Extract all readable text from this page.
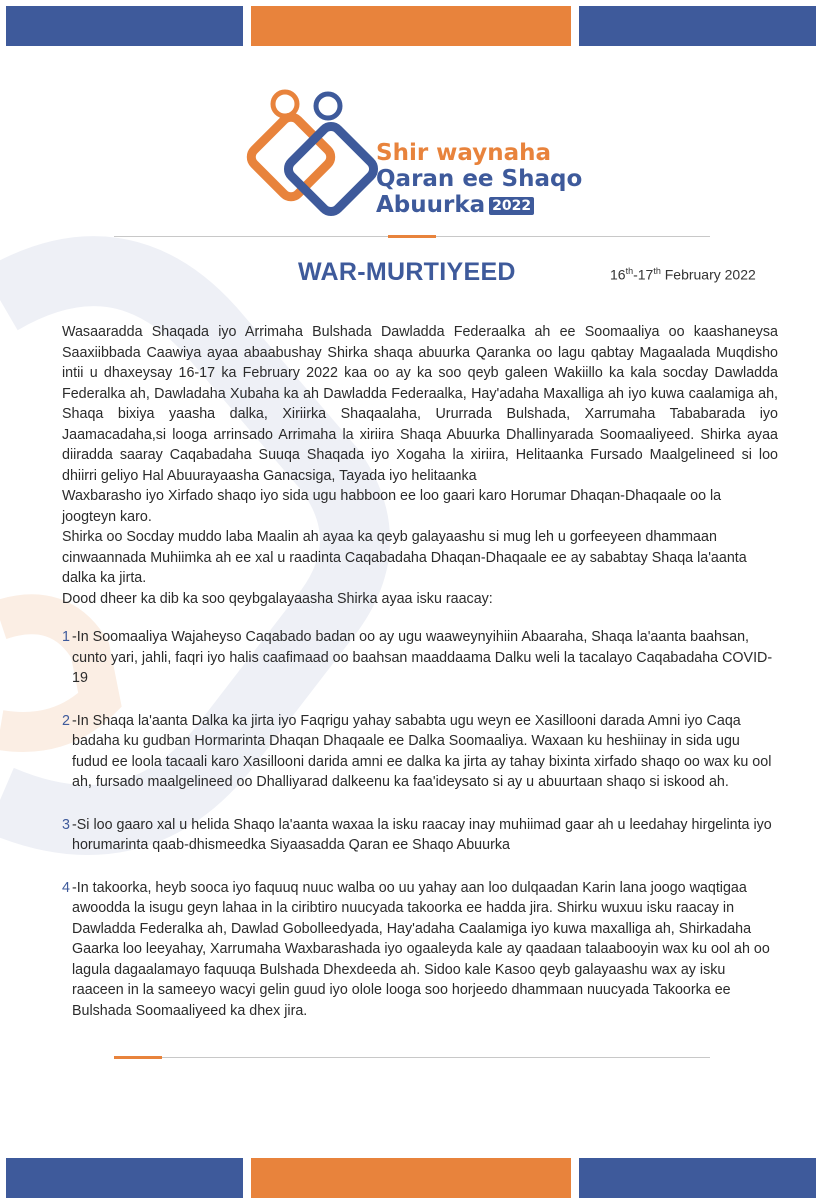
Shir waynaha
Qaran ee Shaqo
Abuurka 2022
WAR-MURTIYEED	16th-17th February 2022

Wasaaradda Shaqada iyo Arrimaha Bulshada Dawladda Federaalka ah ee Soomaaliya oo kaashaneysa Saaxiibbada Caawiya ayaa abaabushay Shirka shaqa abuurka Qaranka oo lagu qabtay Magaalada Muqdisho intii u dhaxeysay 16-17 ka February 2022 kaa oo ay ka soo qeyb galeen Wakiillo ka kala socday Dawladda Federalka ah, Dawladaha Xubaha ka ah Dawladda Federaalka, Hay'adaha Maxalliga ah iyo kuwa caalamiga ah, Shaqa bixiya yaasha dalka, Xiriirka Shaqaalaha, Ururrada Bulshada, Xarrumaha Tababarada iyo Jaamacadaha,si looga arrinsado Arrimaha la xiriira Shaqa Abuurka Dhallinyarada Soomaaliyeed. Shirka ayaa diiradda saaray Caqabadaha Suuqa Shaqada iyo Xogaha la xiriira, Helitaanka Fursado Maalgelineed si loo dhiirri geliyo Hal Abuurayaasha Ganacsiga, Tayada iyo helitaanka

Waxbarasho iyo Xirfado shaqo iyo sida ugu habboon ee loo gaari karo Horumar Dhaqan-Dhaqaale oo la joogteyn karo.

Shirka oo Socday muddo laba Maalin ah ayaa ka qeyb galayaashu si mug leh u gorfeeyeen dhammaan cinwaannada Muhiimka ah ee xal u raadinta Caqabadaha Dhaqan-Dhaqaale ee ay sababtay Shaqa la'aanta dalka ka jirta.

Dood dheer ka dib ka soo qeybgalayaasha Shirka ayaa isku raacay:

1 -In Soomaaliya Wajaheyso Caqabado badan oo ay ugu waaweynyihiin Abaaraha, Shaqa la'aanta baahsan, cunto yari, jahli, faqri iyo halis caafimaad oo baahsan maaddaama Dalku weli la tacalayo Caqabadaha COVID-19
2 -In Shaqa la'aanta Dalka ka jirta iyo Faqrigu yahay sababta ugu weyn ee Xasillooni darada Amni iyo Caqa badaha ku gudban Hormarinta Dhaqan Dhaqaale ee Dalka Soomaaliya. Waxaan ku heshiinay in sida ugu fudud ee loola tacaali karo Xasillooni darida amni ee dalka ka jirta ay tahay bixinta xirfado shaqo oo wax ku ool ah, fursado maalgelineed oo Dhalliyarad dalkeenu ka faa'ideysato si ay u abuurtaan shaqo si iskood ah.
3 -Si loo gaaro xal u helida Shaqo la'aanta waxaa la isku raacay inay muhiimad gaar ah u leedahay hirgelinta iyo horumarinta qaab-dhismeedka Siyaasadda Qaran ee Shaqo Abuurka
4 -In takoorka, heyb sooca iyo faquuq nuuc walba oo uu yahay aan loo dulqaadan Karin lana joogo waqtigaa awoodda la isugu geyn lahaa in la ciribtiro nuucyada takoorka ee hadda jira. Shirku wuxuu isku raacay in Dawladda Federalka ah, Dawlad Gobolleedyada, Hay'adaha Caalamiga iyo kuwa maxalliga ah, Shirkadaha Gaarka loo leeyahay, Xarrumaha Waxbarashada iyo ogaaleyda kale ay qaadaan talaabooyin wax ku ool ah oo lagula dagaalamayo faquuqa Bulshada Dhexdeeda ah. Sidoo kale Kasoo qeyb galayaashu wax ay isku raaceen in la sameeyo wacyi gelin guud iyo ololе looga soo horjeedo dhammaan nuucyada Takoorka ee Bulshada Soomaaliyeed ka dhex jira.
